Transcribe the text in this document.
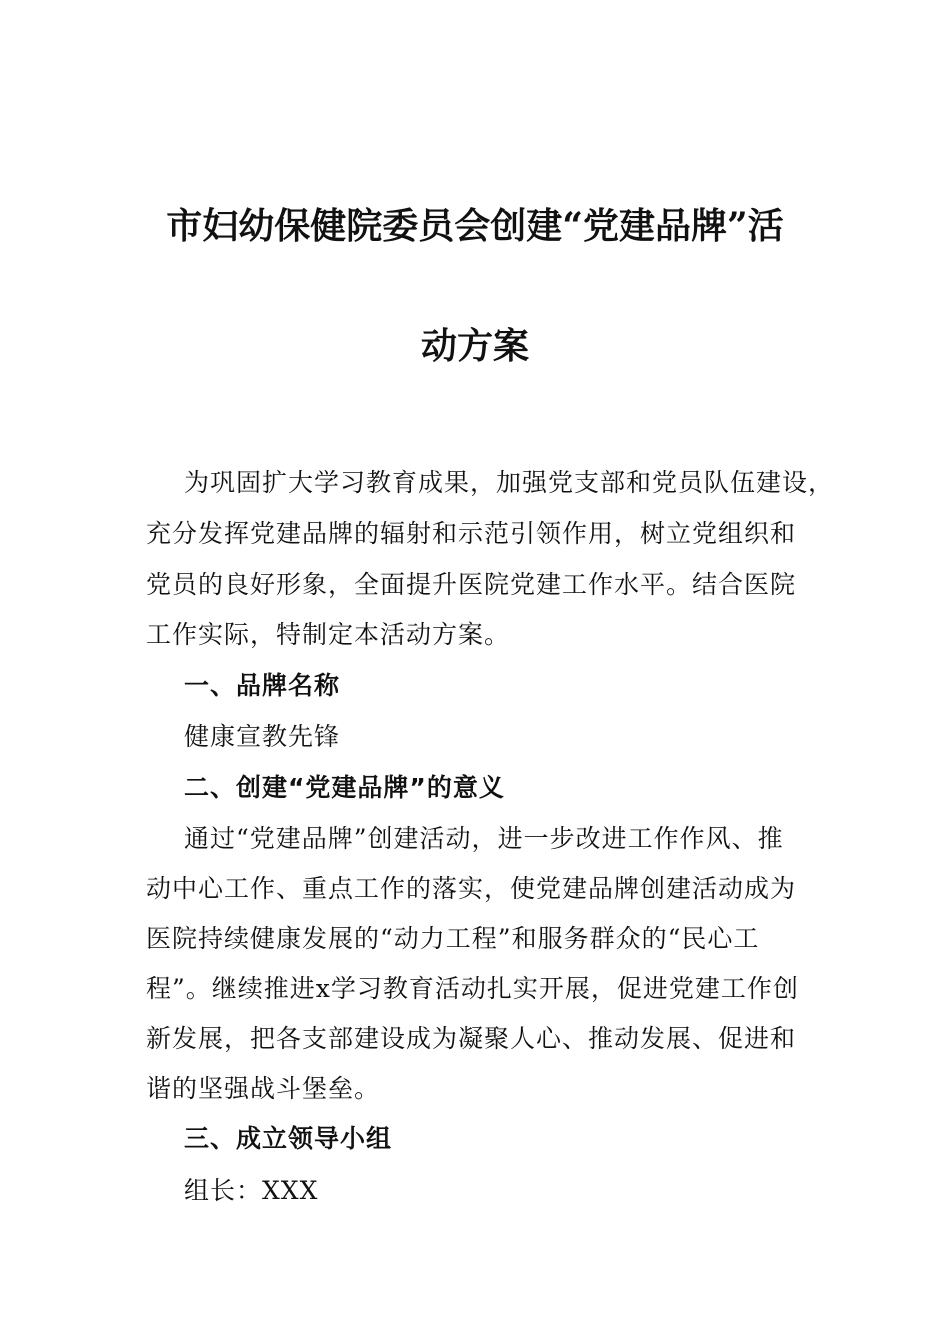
市妇幼保健院委员会创建“党建品牌”活
动方案
为巩固扩大学习教育成果，加强党支部和党员队伍建设，
充分发挥党建品牌的辐射和示范引领作用，树立党组织和
党员的良好形象，全面提升医院党建工作水平。结合医院
工作实际，特制定本活动方案。
一、品牌名称
健康宣教先锋
二、创建“党建品牌”的意义
通过“党建品牌”创建活动，进一步改进工作作风、推
动中心工作、重点工作的落实，使党建品牌创建活动成为
医院持续健康发展的“动力工程”和服务群众的“民心工
程”。继续推进x学习教育活动扎实开展，促进党建工作创
新发展，把各支部建设成为凝聚人心、推动发展、促进和
谐的坚强战斗堡垒。
三、成立领导小组
组长：XXX
